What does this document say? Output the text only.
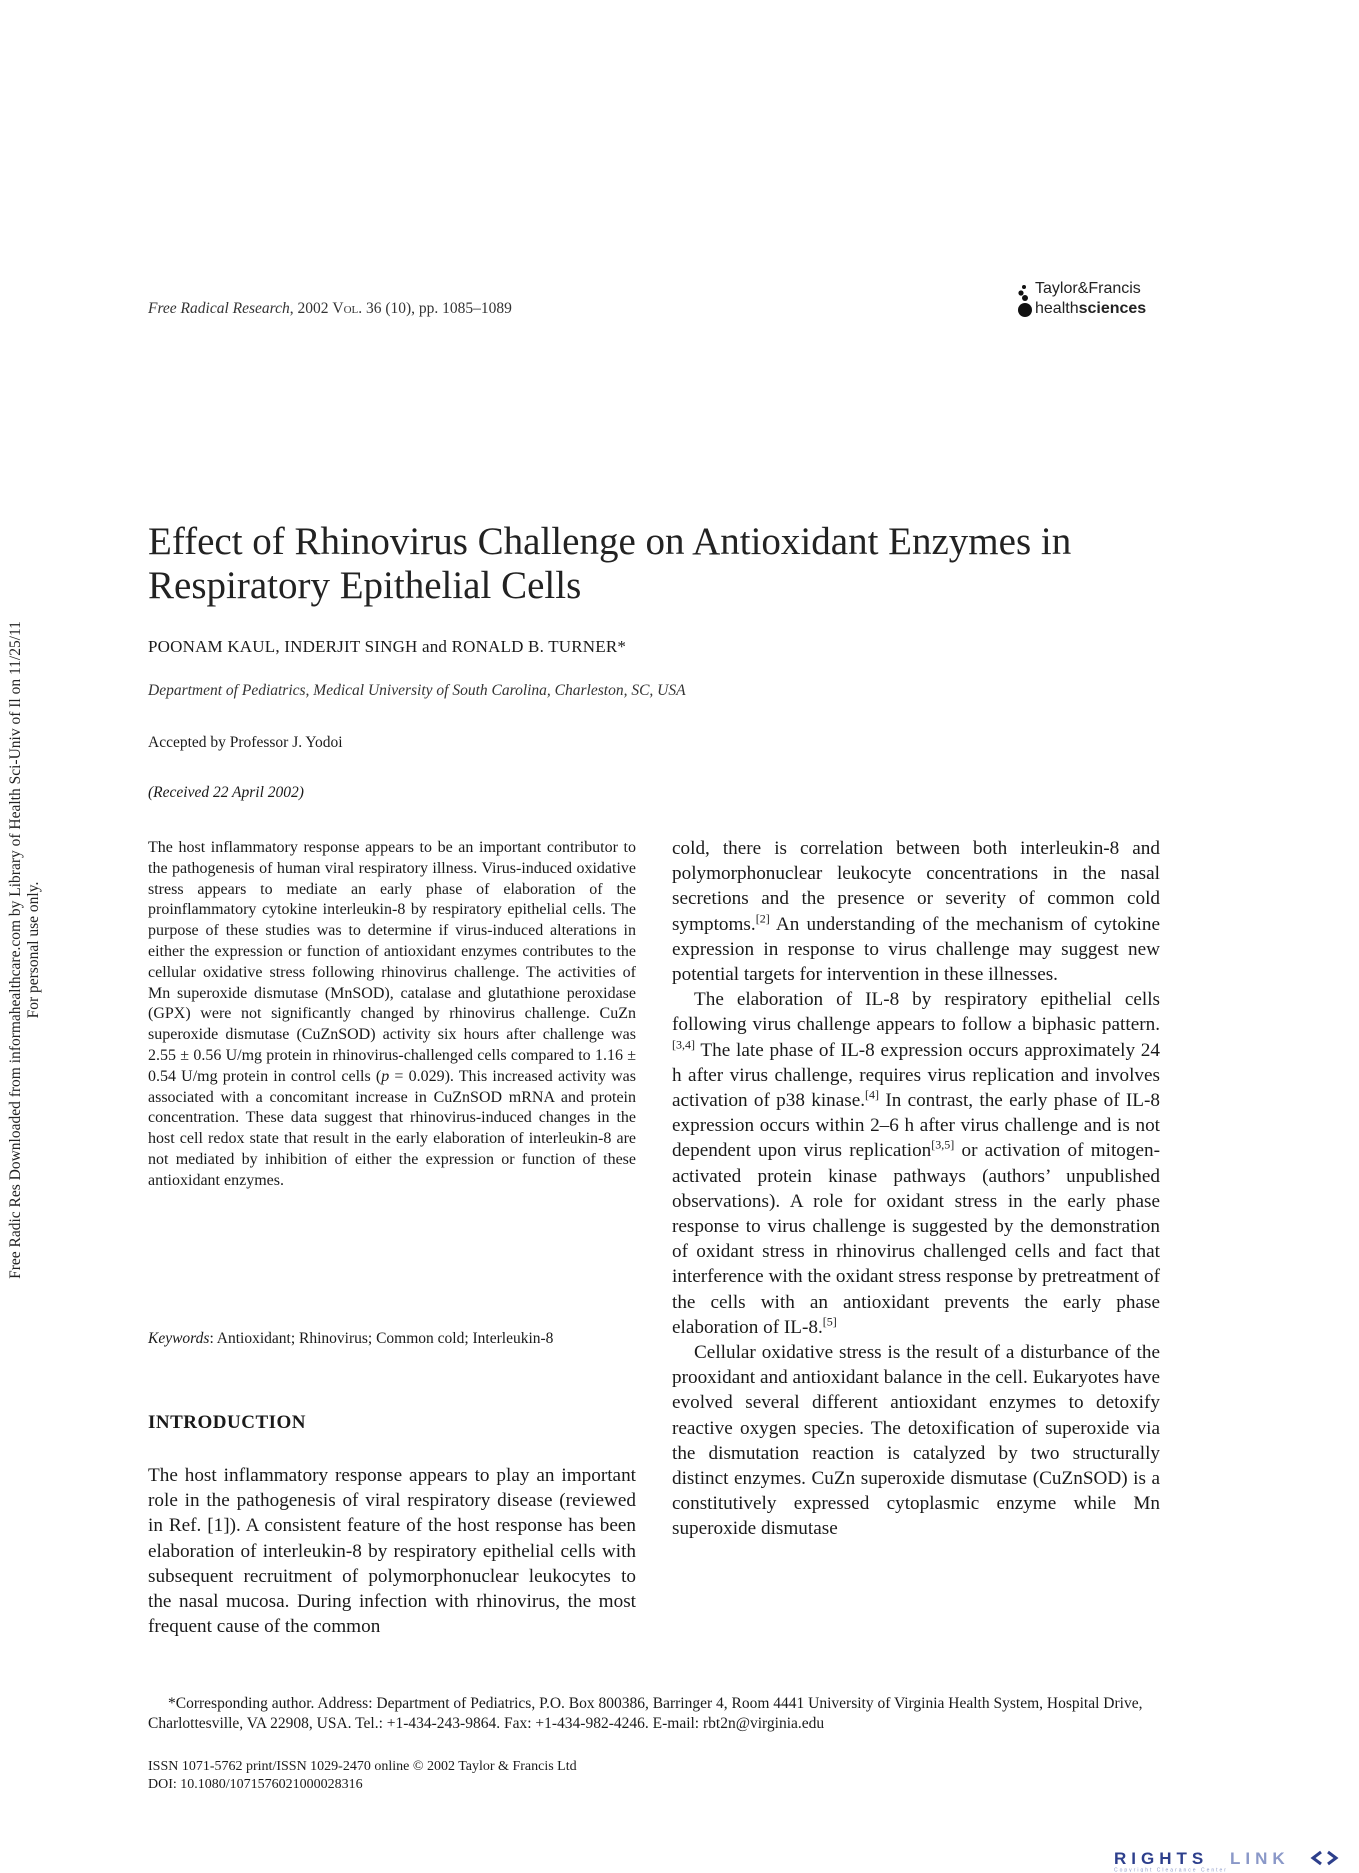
Free Radic Res Downloaded from informahealthcare.com by Library of Health Sci-Univ of Il on 11/25/11 For personal use only.
Free Radical Research, 2002 Vol. 36 (10), pp. 1085–1089
Taylor&Francis
healthsciences
Effect of Rhinovirus Challenge on Antioxidant Enzymes in Respiratory Epithelial Cells
POONAM KAUL, INDERJIT SINGH and RONALD B. TURNER*
Department of Pediatrics, Medical University of South Carolina, Charleston, SC, USA
Accepted by Professor J. Yodoi
(Received 22 April 2002)

The host inflammatory response appears to be an important contributor to the pathogenesis of human viral respiratory illness. Virus-induced oxidative stress appears to mediate an early phase of elaboration of the proinflammatory cytokine interleukin-8 by respiratory epithelial cells. The purpose of these studies was to determine if virus-induced alterations in either the expression or function of antioxidant enzymes contributes to the cellular oxidative stress following rhinovirus challenge. The activities of Mn superoxide dismutase (MnSOD), catalase and glutathione peroxidase (GPX) were not significantly changed by rhinovirus challenge. CuZn superoxide dismutase (CuZnSOD) activity six hours after challenge was 2.55 ± 0.56 U/mg protein in rhinovirus-challenged cells compared to 1.16 ± 0.54 U/mg protein in control cells (p = 0.029). This increased activity was associated with a concomitant increase in CuZnSOD mRNA and protein concentration. These data suggest that rhinovirus-induced changes in the host cell redox state that result in the early elaboration of interleukin-8 are not mediated by inhibition of either the expression or function of these antioxidant enzymes.

Keywords: Antioxidant; Rhinovirus; Common cold; Interleukin-8
INTRODUCTION

The host inflammatory response appears to play an important role in the pathogenesis of viral respiratory disease (reviewed in Ref. [1]). A consistent feature of the host response has been elaboration of interleukin-8 by respiratory epithelial cells with subsequent recruitment of polymorphonuclear leukocytes to the nasal mucosa. During infection with rhinovirus, the most frequent cause of the common

cold, there is correlation between both interleukin-8 and polymorphonuclear leukocyte concentrations in the nasal secretions and the presence or severity of common cold symptoms.[2] An understanding of the mechanism of cytokine expression in response to virus challenge may suggest new potential targets for intervention in these illnesses.

The elaboration of IL-8 by respiratory epithelial cells following virus challenge appears to follow a biphasic pattern.[3,4] The late phase of IL-8 expression occurs approximately 24 h after virus challenge, requires virus replication and involves activation of p38 kinase.[4] In contrast, the early phase of IL-8 expression occurs within 2–6 h after virus challenge and is not dependent upon virus replication[3,5] or activation of mitogen-activated protein kinase pathways (authors’ unpublished observations). A role for oxidant stress in the early phase response to virus challenge is suggested by the demonstration of oxidant stress in rhinovirus challenged cells and fact that interference with the oxidant stress response by pretreatment of the cells with an antioxidant prevents the early phase elaboration of IL-8.[5]

Cellular oxidative stress is the result of a disturbance of the prooxidant and antioxidant balance in the cell. Eukaryotes have evolved several different antioxidant enzymes to detoxify reactive oxygen species. The detoxification of superoxide via the dismutation reaction is catalyzed by two structurally distinct enzymes. CuZn superoxide dismutase (CuZnSOD) is a constitutively expressed cytoplasmic enzyme while Mn superoxide dismutase

*Corresponding author. Address: Department of Pediatrics, P.O. Box 800386, Barringer 4, Room 4441 University of Virginia Health System, Hospital Drive, Charlottesville, VA 22908, USA. Tel.: +1-434-243-9864. Fax: +1-434-982-4246. E-mail: rbt2n@virginia.edu

ISSN 1071-5762 print/ISSN 1029-2470 online © 2002 Taylor & Francis Ltd
DOI: 10.1080/1071576021000028316
RIGHTS LINK
Copyright Clearance Center
